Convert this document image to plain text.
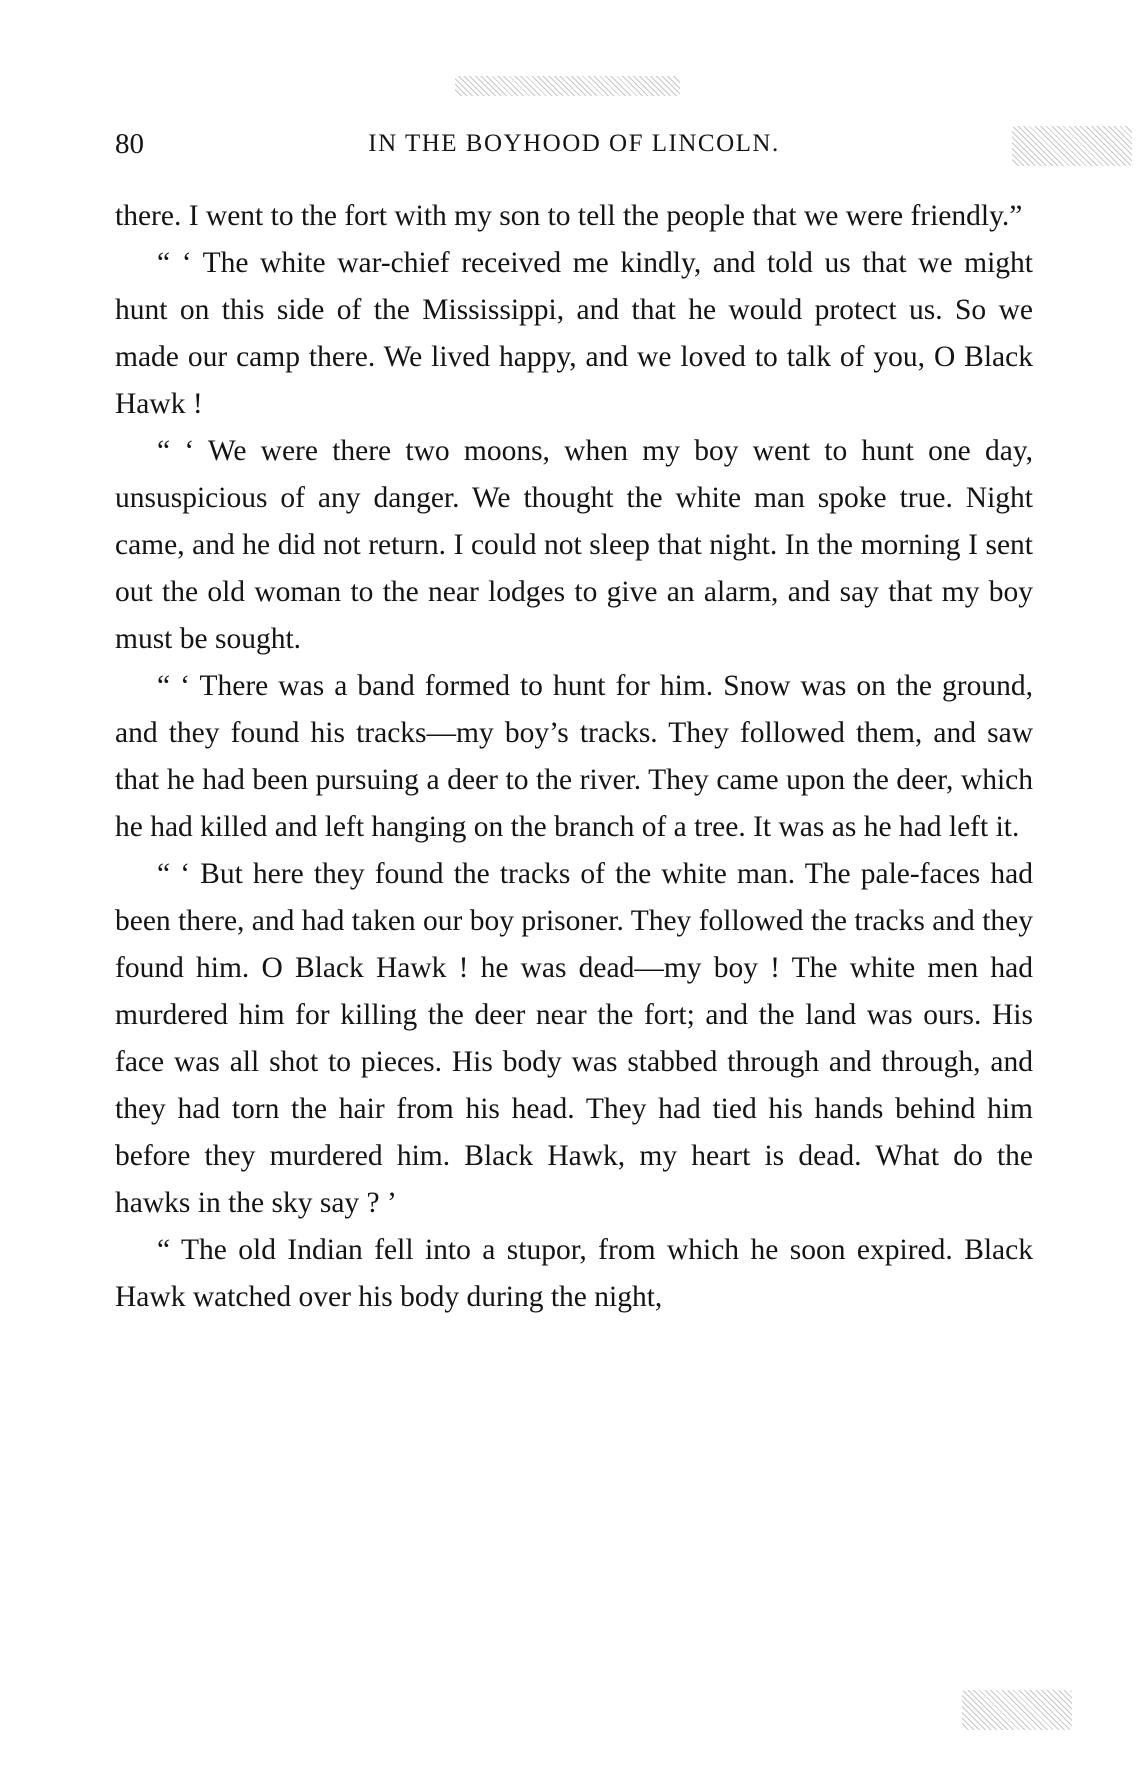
80	IN THE BOYHOOD OF LINCOLN.

there. I went to the fort with my son to tell the people that we were friendly.”

“ ‘ The white war-chief received me kindly, and told us that we might hunt on this side of the Mississippi, and that he would protect us. So we made our camp there. We lived happy, and we loved to talk of you, O Black Hawk !

“ ‘ We were there two moons, when my boy went to hunt one day, unsuspicious of any danger. We thought the white man spoke true. Night came, and he did not return. I could not sleep that night. In the morning I sent out the old woman to the near lodges to give an alarm, and say that my boy must be sought.

“ ‘ There was a band formed to hunt for him. Snow was on the ground, and they found his tracks—my boy’s tracks. They followed them, and saw that he had been pursuing a deer to the river. They came upon the deer, which he had killed and left hanging on the branch of a tree. It was as he had left it.

“ ‘ But here they found the tracks of the white man. The pale-faces had been there, and had taken our boy prisoner. They followed the tracks and they found him. O Black Hawk ! he was dead—my boy ! The white men had murdered him for killing the deer near the fort; and the land was ours. His face was all shot to pieces. His body was stabbed through and through, and they had torn the hair from his head. They had tied his hands behind him before they murdered him. Black Hawk, my heart is dead. What do the hawks in the sky say ? ’

“ The old Indian fell into a stupor, from which he soon expired. Black Hawk watched over his body during the night,
